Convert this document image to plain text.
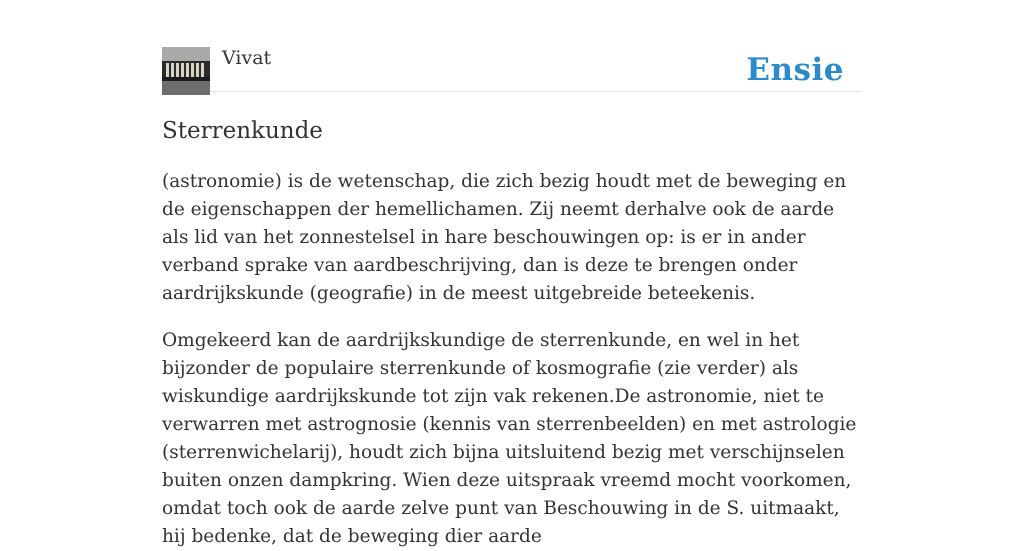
Vivat	Ensie
Sterrenkunde

(astronomie) is de wetenschap, die zich bezig houdt met de beweging en de eigenschappen der hemellichamen. Zij neemt derhalve ook de aarde als lid van het zonnestelsel in hare beschouwingen op: is er in ander verband sprake van aardbeschrijving, dan is deze te brengen onder aardrijkskunde (geografie) in de meest uitgebreide beteekenis.

Omgekeerd kan de aardrijkskundige de sterrenkunde, en wel in het bijzonder de populaire sterrenkunde of kosmografie (zie verder) als wiskundige aardrijkskunde tot zijn vak rekenen.De astronomie, niet te verwarren met astrognosie (kennis van sterrenbeelden) en met astrologie (sterrenwichelarij), houdt zich bijna uitsluitend bezig met verschijnselen buiten onzen dampkring. Wien deze uitspraak vreemd mocht voorkomen, omdat toch ook de aarde zelve punt van Beschouwing in de S. uitmaakt, hij bedenke, dat de beweging dier aarde
